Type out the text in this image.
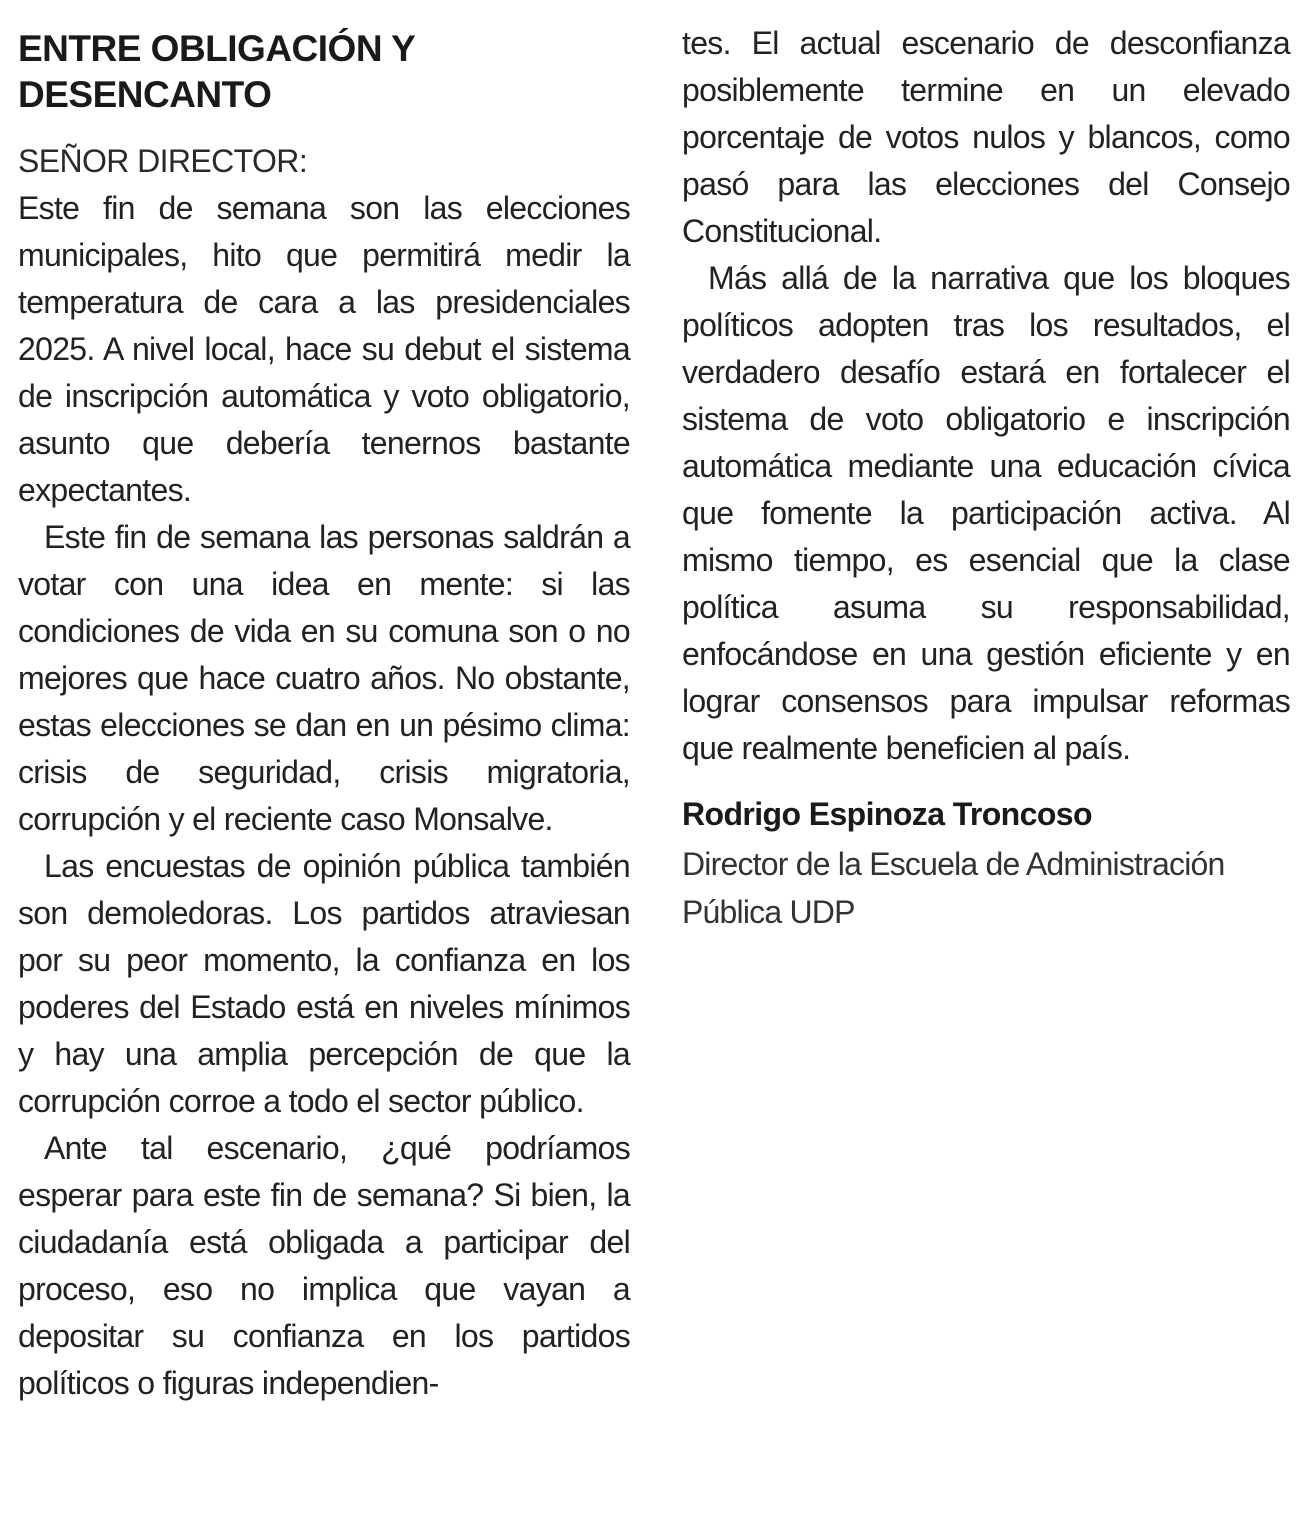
ENTRE OBLIGACIÓN Y DESENCANTO
SEÑOR DIRECTOR:

Este fin de semana son las elecciones municipales, hito que permitirá medir la temperatura de cara a las presidenciales 2025. A nivel local, hace su debut el sistema de inscripción automática y voto obligatorio, asunto que debería tenernos bastante expectantes.

Este fin de semana las personas saldrán a votar con una idea en mente: si las condiciones de vida en su comuna son o no mejores que hace cuatro años. No obstante, estas elecciones se dan en un pésimo clima: crisis de seguridad, crisis migratoria, corrupción y el reciente caso Monsalve.

Las encuestas de opinión pública también son demoledoras. Los partidos atraviesan por su peor momento, la confianza en los poderes del Estado está en niveles mínimos y hay una amplia percepción de que la corrupción corroe a todo el sector público.

Ante tal escenario, ¿qué podríamos esperar para este fin de semana? Si bien, la ciudadanía está obligada a participar del proceso, eso no implica que vayan a depositar su confianza en los partidos políticos o figuras independien-

tes. El actual escenario de desconfianza posiblemente termine en un elevado porcentaje de votos nulos y blancos, como pasó para las elecciones del Consejo Constitucional.

Más allá de la narrativa que los bloques políticos adopten tras los resultados, el verdadero desafío estará en fortalecer el sistema de voto obligatorio e inscripción automática mediante una educación cívica que fomente la participación activa. Al mismo tiempo, es esencial que la clase política asuma su responsabilidad, enfocándose en una gestión eficiente y en lograr consensos para impulsar reformas que realmente beneficien al país.

Rodrigo Espinoza Troncoso
Director de la Escuela de Administración Pública UDP
